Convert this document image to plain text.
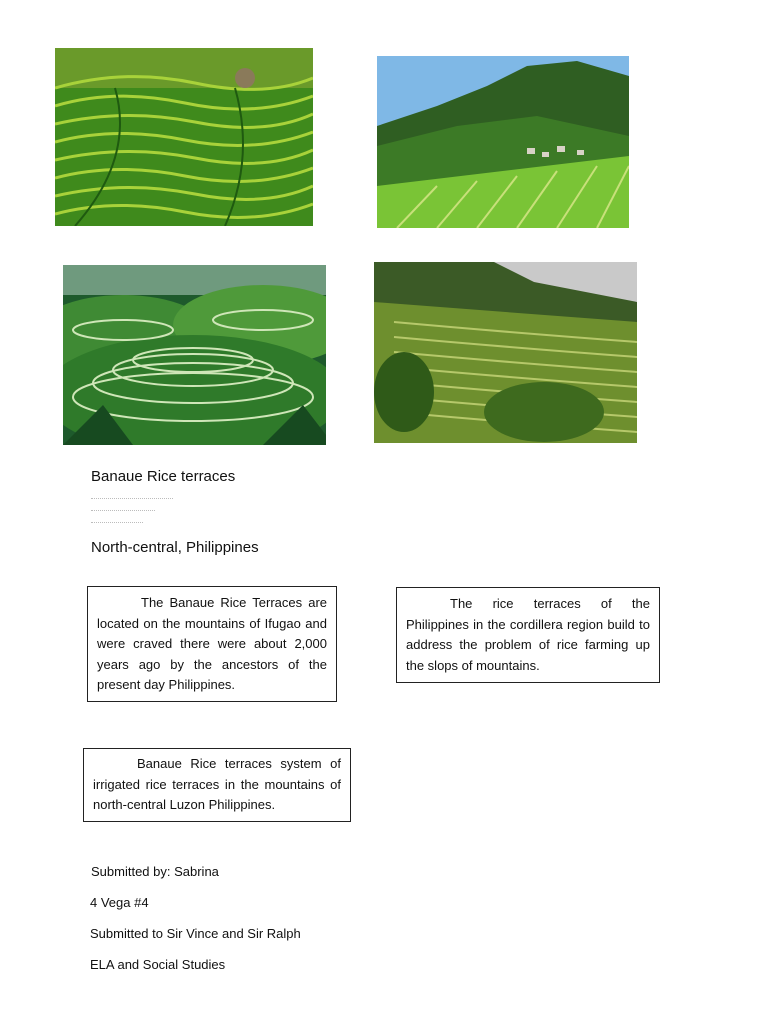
Banaue Rice terraces
North-central, Philippines

The Banaue Rice Terraces are located on the mountains of Ifugao and were craved there were about 2,000 years ago by the ancestors of the present day Philippines.

The rice terraces of the Philippines in the cordillera region build to address the problem of rice farming up the slops of mountains.

Banaue Rice terraces system of irrigated rice terraces in the mountains of north-central Luzon Philippines.

Submitted by: Sabrina
4 Vega #4
Submitted to Sir Vince and Sir Ralph
ELA and Social Studies
